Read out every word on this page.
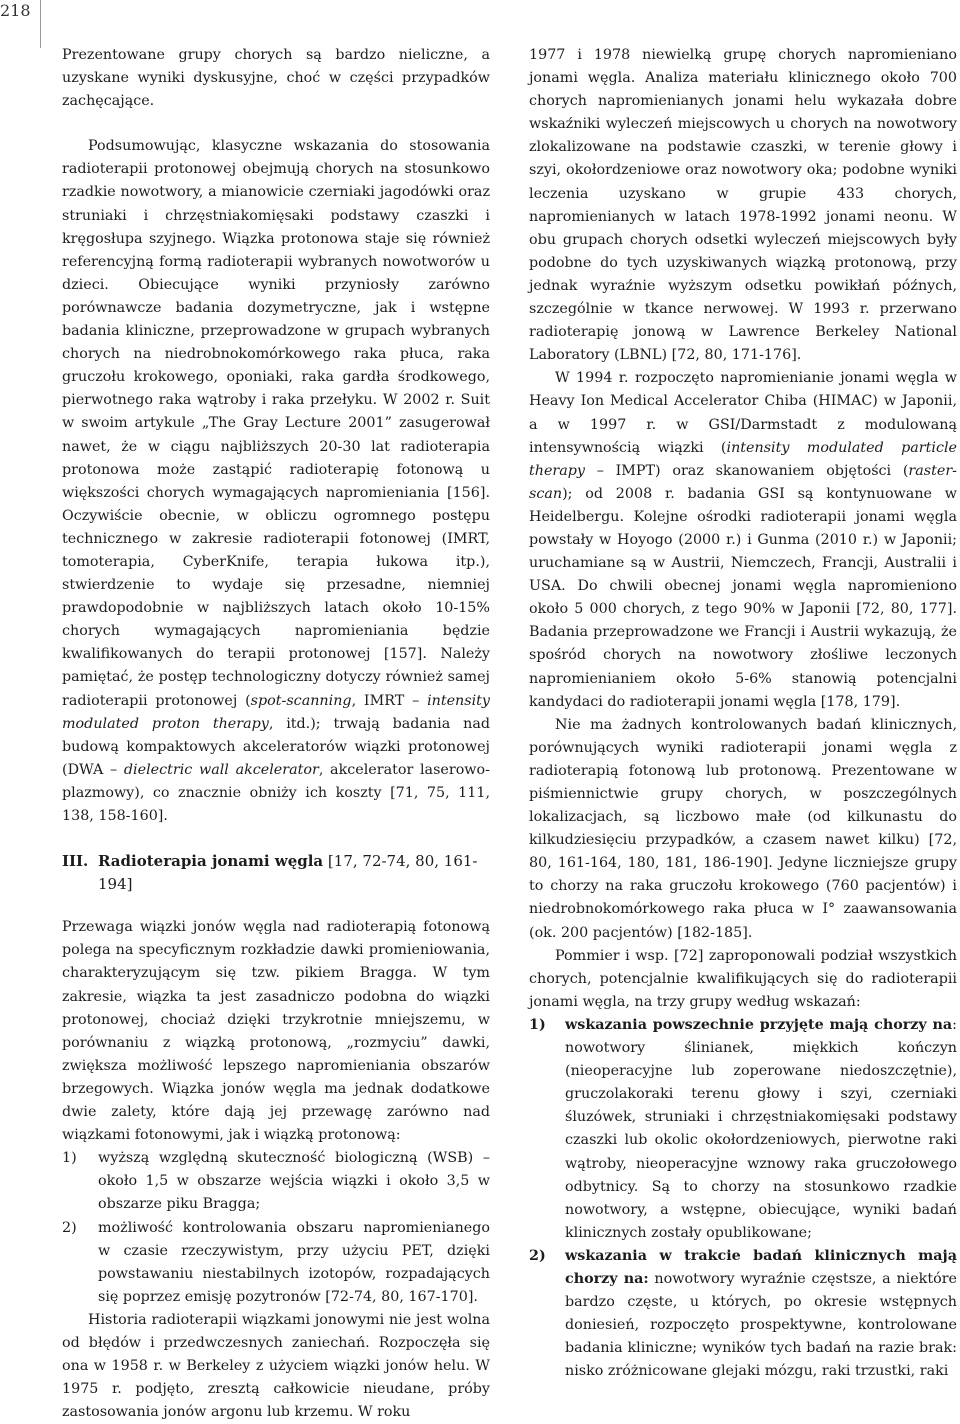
218

Prezentowane grupy chorych są bardzo nieliczne, a uzyskane wyniki dyskusyjne, choć w części przypadków zachęcające.

Podsumowując, klasyczne wskazania do stosowania radioterapii protonowej obejmują chorych na stosunkowo rzadkie nowotwory, a mianowicie czerniaki jagodówki oraz struniaki i chrzęstniakomięsaki podstawy czaszki i kręgosłupa szyjnego. Wiązka protonowa staje się również referencyjną formą radioterapii wybranych nowotworów u dzieci. Obiecujące wyniki przyniosły zarówno porównawcze badania dozymetryczne, jak i wstępne badania kliniczne, przeprowadzone w grupach wybranych chorych na niedrobnokomórkowego raka płuca, raka gruczołu krokowego, oponiaki, raka gardła środkowego, pierwotnego raka wątroby i raka przełyku. W 2002 r. Suit w swoim artykule „The Gray Lecture 2001” zasugerował nawet, że w ciągu najbliższych 20-30 lat radioterapia protonowa może zastąpić radioterapię fotonową u większości chorych wymagających napromieniania [156]. Oczywiście obecnie, w obliczu ogromnego postępu technicznego w zakresie radioterapii fotonowej (IMRT, tomoterapia, CyberKnife, terapia łukowa itp.), stwierdzenie to wydaje się przesadne, niemniej prawdopodobnie w najbliższych latach około 10-15% chorych wymagających napromieniania będzie kwalifikowanych do terapii protonowej [157]. Należy pamiętać, że postęp technologiczny dotyczy również samej radioterapii protonowej (spot-scanning, IMRT – intensity modulated proton therapy, itd.); trwają badania nad budową kompaktowych akceleratorów wiązki protonowej (DWA – dielectric wall akcelerator, akcelerator laserowo-plazmowy), co znacznie obniży ich koszty [71, 75, 111, 138, 158-160].

III. Radioterapia jonami węgla [17, 72-74, 80, 161-194]

Przewaga wiązki jonów węgla nad radioterapią fotonową polega na specyficznym rozkładzie dawki promieniowania, charakteryzującym się tzw. pikiem Bragga. W tym zakresie, wiązka ta jest zasadniczo podobna do wiązki protonowej, chociaż dzięki trzykrotnie mniejszemu, w porównaniu z wiązką protonową, „rozmyciu” dawki, zwiększa możliwość lepszego napromieniania obszarów brzegowych. Wiązka jonów węgla ma jednak dodatkowe dwie zalety, które dają jej przewagę zarówno nad wiązkami fotonowymi, jak i wiązką protonową:

1) wyższą względną skuteczność biologiczną (WSB) – około 1,5 w obszarze wejścia wiązki i około 3,5 w obszarze piku Bragga;
2) możliwość kontrolowania obszaru napromienianego w czasie rzeczywistym, przy użyciu PET, dzięki powstawaniu niestabilnych izotopów, rozpadających się poprzez emisję pozytronów [72-74, 80, 167-170].

Historia radioterapii wiązkami jonowymi nie jest wolna od błędów i przedwczesnych zaniechań. Rozpoczęła się ona w 1958 r. w Berkeley z użyciem wiązki jonów helu. W 1975 r. podjęto, zresztą całkowicie nieudane, próby zastosowania jonów argonu lub krzemu. W roku

1977 i 1978 niewielką grupę chorych napromieniano jonami węgla. Analiza materiału klinicznego około 700 chorych napromienianych jonami helu wykazała dobre wskaźniki wyleczeń miejscowych u chorych na nowotwory zlokalizowane na podstawie czaszki, w terenie głowy i szyi, okołordzeniowe oraz nowotwory oka; podobne wyniki leczenia uzyskano w grupie 433 chorych, napromienianych w latach 1978-1992 jonami neonu. W obu grupach chorych odsetki wyleczeń miejscowych były podobne do tych uzyskiwanych wiązką protonową, przy jednak wyraźnie wyższym odsetku powikłań późnych, szczególnie w tkance nerwowej. W 1993 r. przerwano radioterapię jonową w Lawrence Berkeley National Laboratory (LBNL) [72, 80, 171-176].

W 1994 r. rozpoczęto napromienianie jonami węgla w Heavy Ion Medical Accelerator Chiba (HIMAC) w Japonii, a w 1997 r. w GSI/Darmstadt z modulowaną intensywnością wiązki (intensity modulated particle therapy – IMPT) oraz skanowaniem objętości (raster-scan); od 2008 r. badania GSI są kontynuowane w Heidelbergu. Kolejne ośrodki radioterapii jonami węgla powstały w Hoyogo (2000 r.) i Gunma (2010 r.) w Japonii; uruchamiane są w Austrii, Niemczech, Francji, Australii i USA. Do chwili obecnej jonami węgla napromieniono około 5 000 chorych, z tego 90% w Japonii [72, 80, 177]. Badania przeprowadzone we Francji i Austrii wykazują, że spośród chorych na nowotwory złośliwe leczonych napromienianiem około 5-6% stanowią potencjalni kandydaci do radioterapii jonami węgla [178, 179].

Nie ma żadnych kontrolowanych badań klinicznych, porównujących wyniki radioterapii jonami węgla z radioterapią fotonową lub protonową. Prezentowane w piśmiennictwie grupy chorych, w poszczególnych lokalizacjach, są liczbowo małe (od kilkunastu do kilkudziesięciu przypadków, a czasem nawet kilku) [72, 80, 161-164, 180, 181, 186-190]. Jedyne liczniejsze grupy to chorzy na raka gruczołu krokowego (760 pacjentów) i niedrobnokomórkowego raka płuca w I° zaawansowania (ok. 200 pacjentów) [182-185].

Pommier i wsp. [72] zaproponowali podział wszystkich chorych, potencjalnie kwalifikujących się do radioterapii jonami węgla, na trzy grupy według wskazań:

1) wskazania powszechnie przyjęte mają chorzy na: nowotwory ślinianek, miękkich kończyn (nieoperacyjne lub zoperowane niedoszczętnie), gruczolakoraki terenu głowy i szyi, czerniaki śluzówek, struniaki i chrzęstniakomięsaki podstawy czaszki lub okolic okołordzeniowych, pierwotne raki wątroby, nieoperacyjne wznowy raka gruczołowego odbytnicy. Są to chorzy na stosunkowo rzadkie nowotwory, a wstępne, obiecujące, wyniki badań klinicznych zostały opublikowane;
2) wskazania w trakcie badań klinicznych mają chorzy na: nowotwory wyraźnie częstsze, a niektóre bardzo częste, u których, po okresie wstępnych doniesień, rozpoczęto prospektywne, kontrolowane badania kliniczne; wyników tych badań na razie brak: nisko zróżnicowane glejaki mózgu, raki trzustki, raki
